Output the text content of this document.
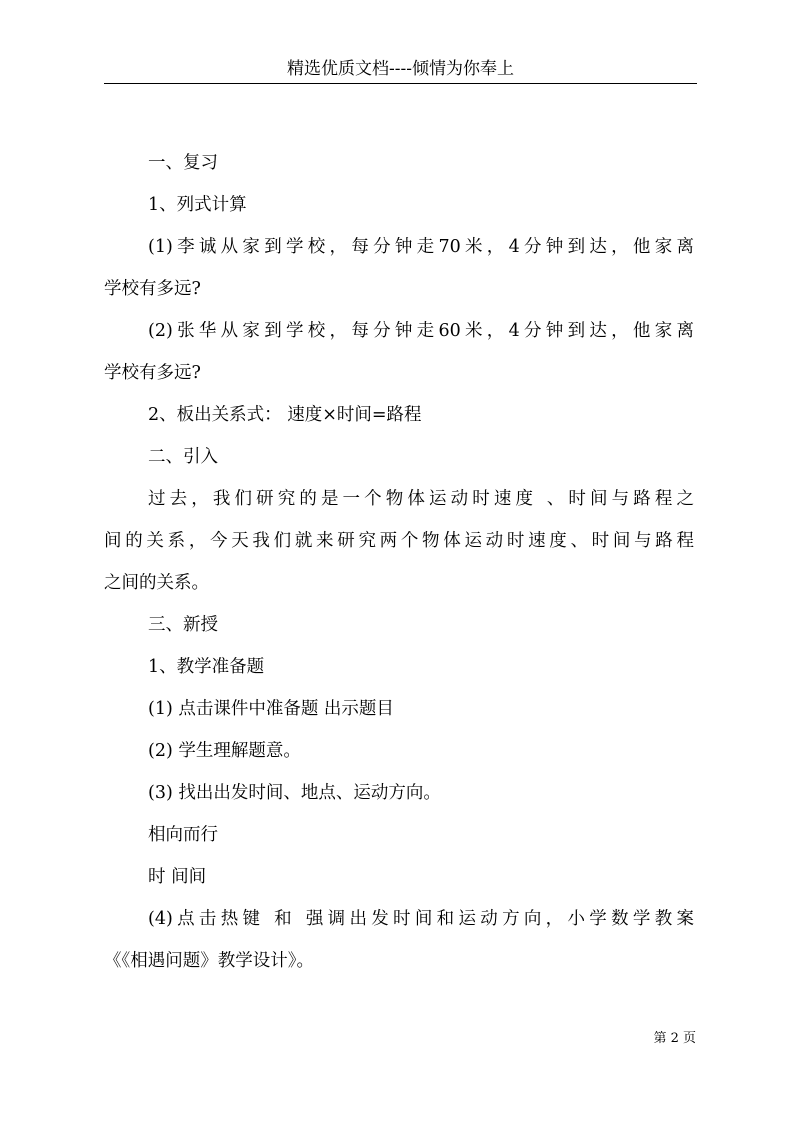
精选优质文档----倾情为你奉上
一、复习
1、列式计算
(1)李诚从家到学校，每分钟走70米，4分钟到达，他家离
学校有多远?
(2)张华从家到学校，每分钟走60米，4分钟到达，他家离
学校有多远?
2、板出关系式： 速度×时间=路程
二、引入
过去，我们研究的是一个物体运动时速度 、时间与路程之
间的关系，今天我们就来研究两个物体运动时速度、时间与路程
之间的关系。
三、新授
1、教学准备题
(1) 点击课件中准备题 出示题目
(2) 学生理解题意。
(3) 找出出发时间、地点、运动方向。
相向而行
时 间间
(4)点击热键 和 强调出发时间和运动方向，小学数学教案
《《相遇问题》教学设计》。
第 2 页
